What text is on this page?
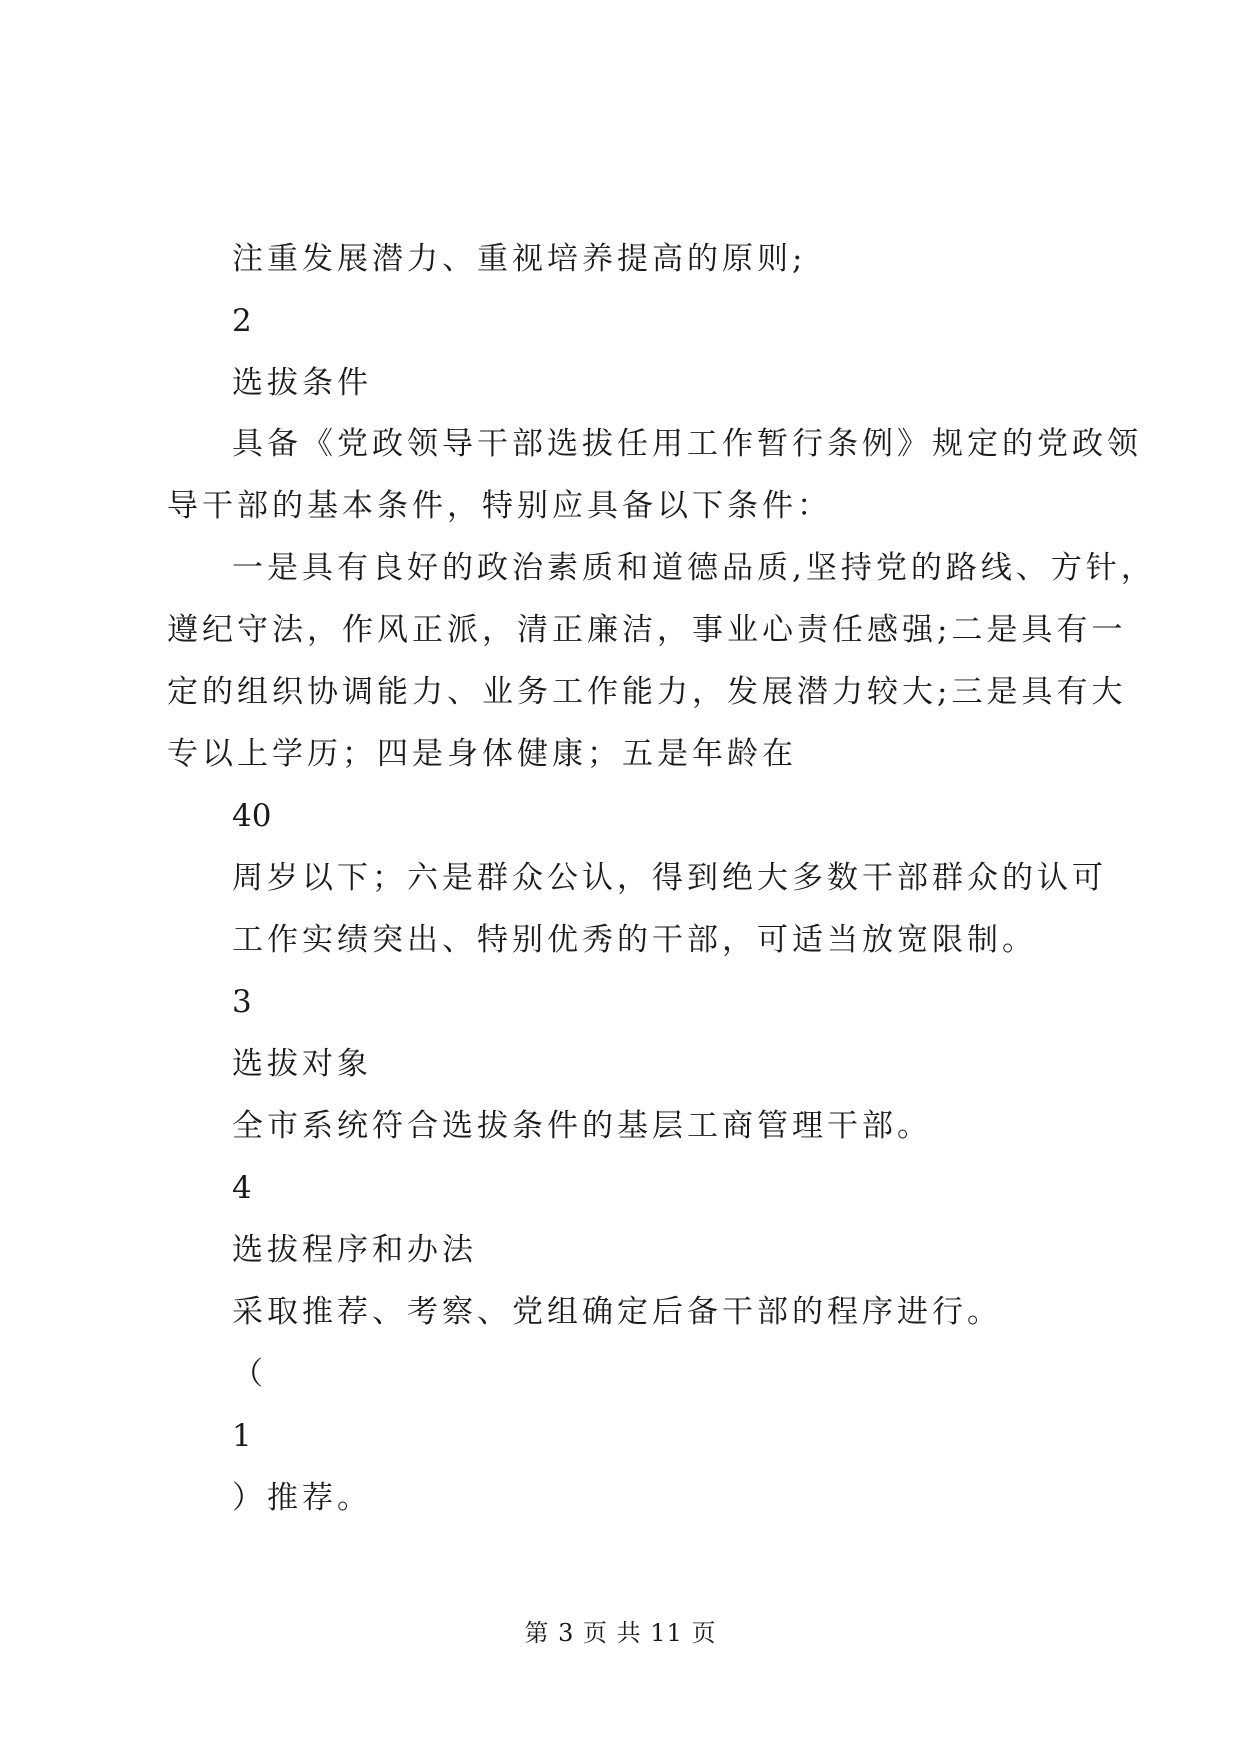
注重发展潜力、重视培养提高的原则;
2
选拔条件
具备《党政领导干部选拔任用工作暂行条例》规定的党政领
导干部的基本条件，特别应具备以下条件：
一是具有良好的政治素质和道德品质,坚持党的路线、方针，
遵纪守法，作风正派，清正廉洁，事业心责任感强;二是具有一
定的组织协调能力、业务工作能力，发展潜力较大;三是具有大
专以上学历；四是身体健康；五是年龄在
40
周岁以下；六是群众公认，得到绝大多数干部群众的认可
工作实绩突出、特别优秀的干部，可适当放宽限制。
3
选拔对象
全市系统符合选拔条件的基层工商管理干部。
4
选拔程序和办法
采取推荐、考察、党组确定后备干部的程序进行。
（
1
）推荐。
第 3 页 共 11 页
